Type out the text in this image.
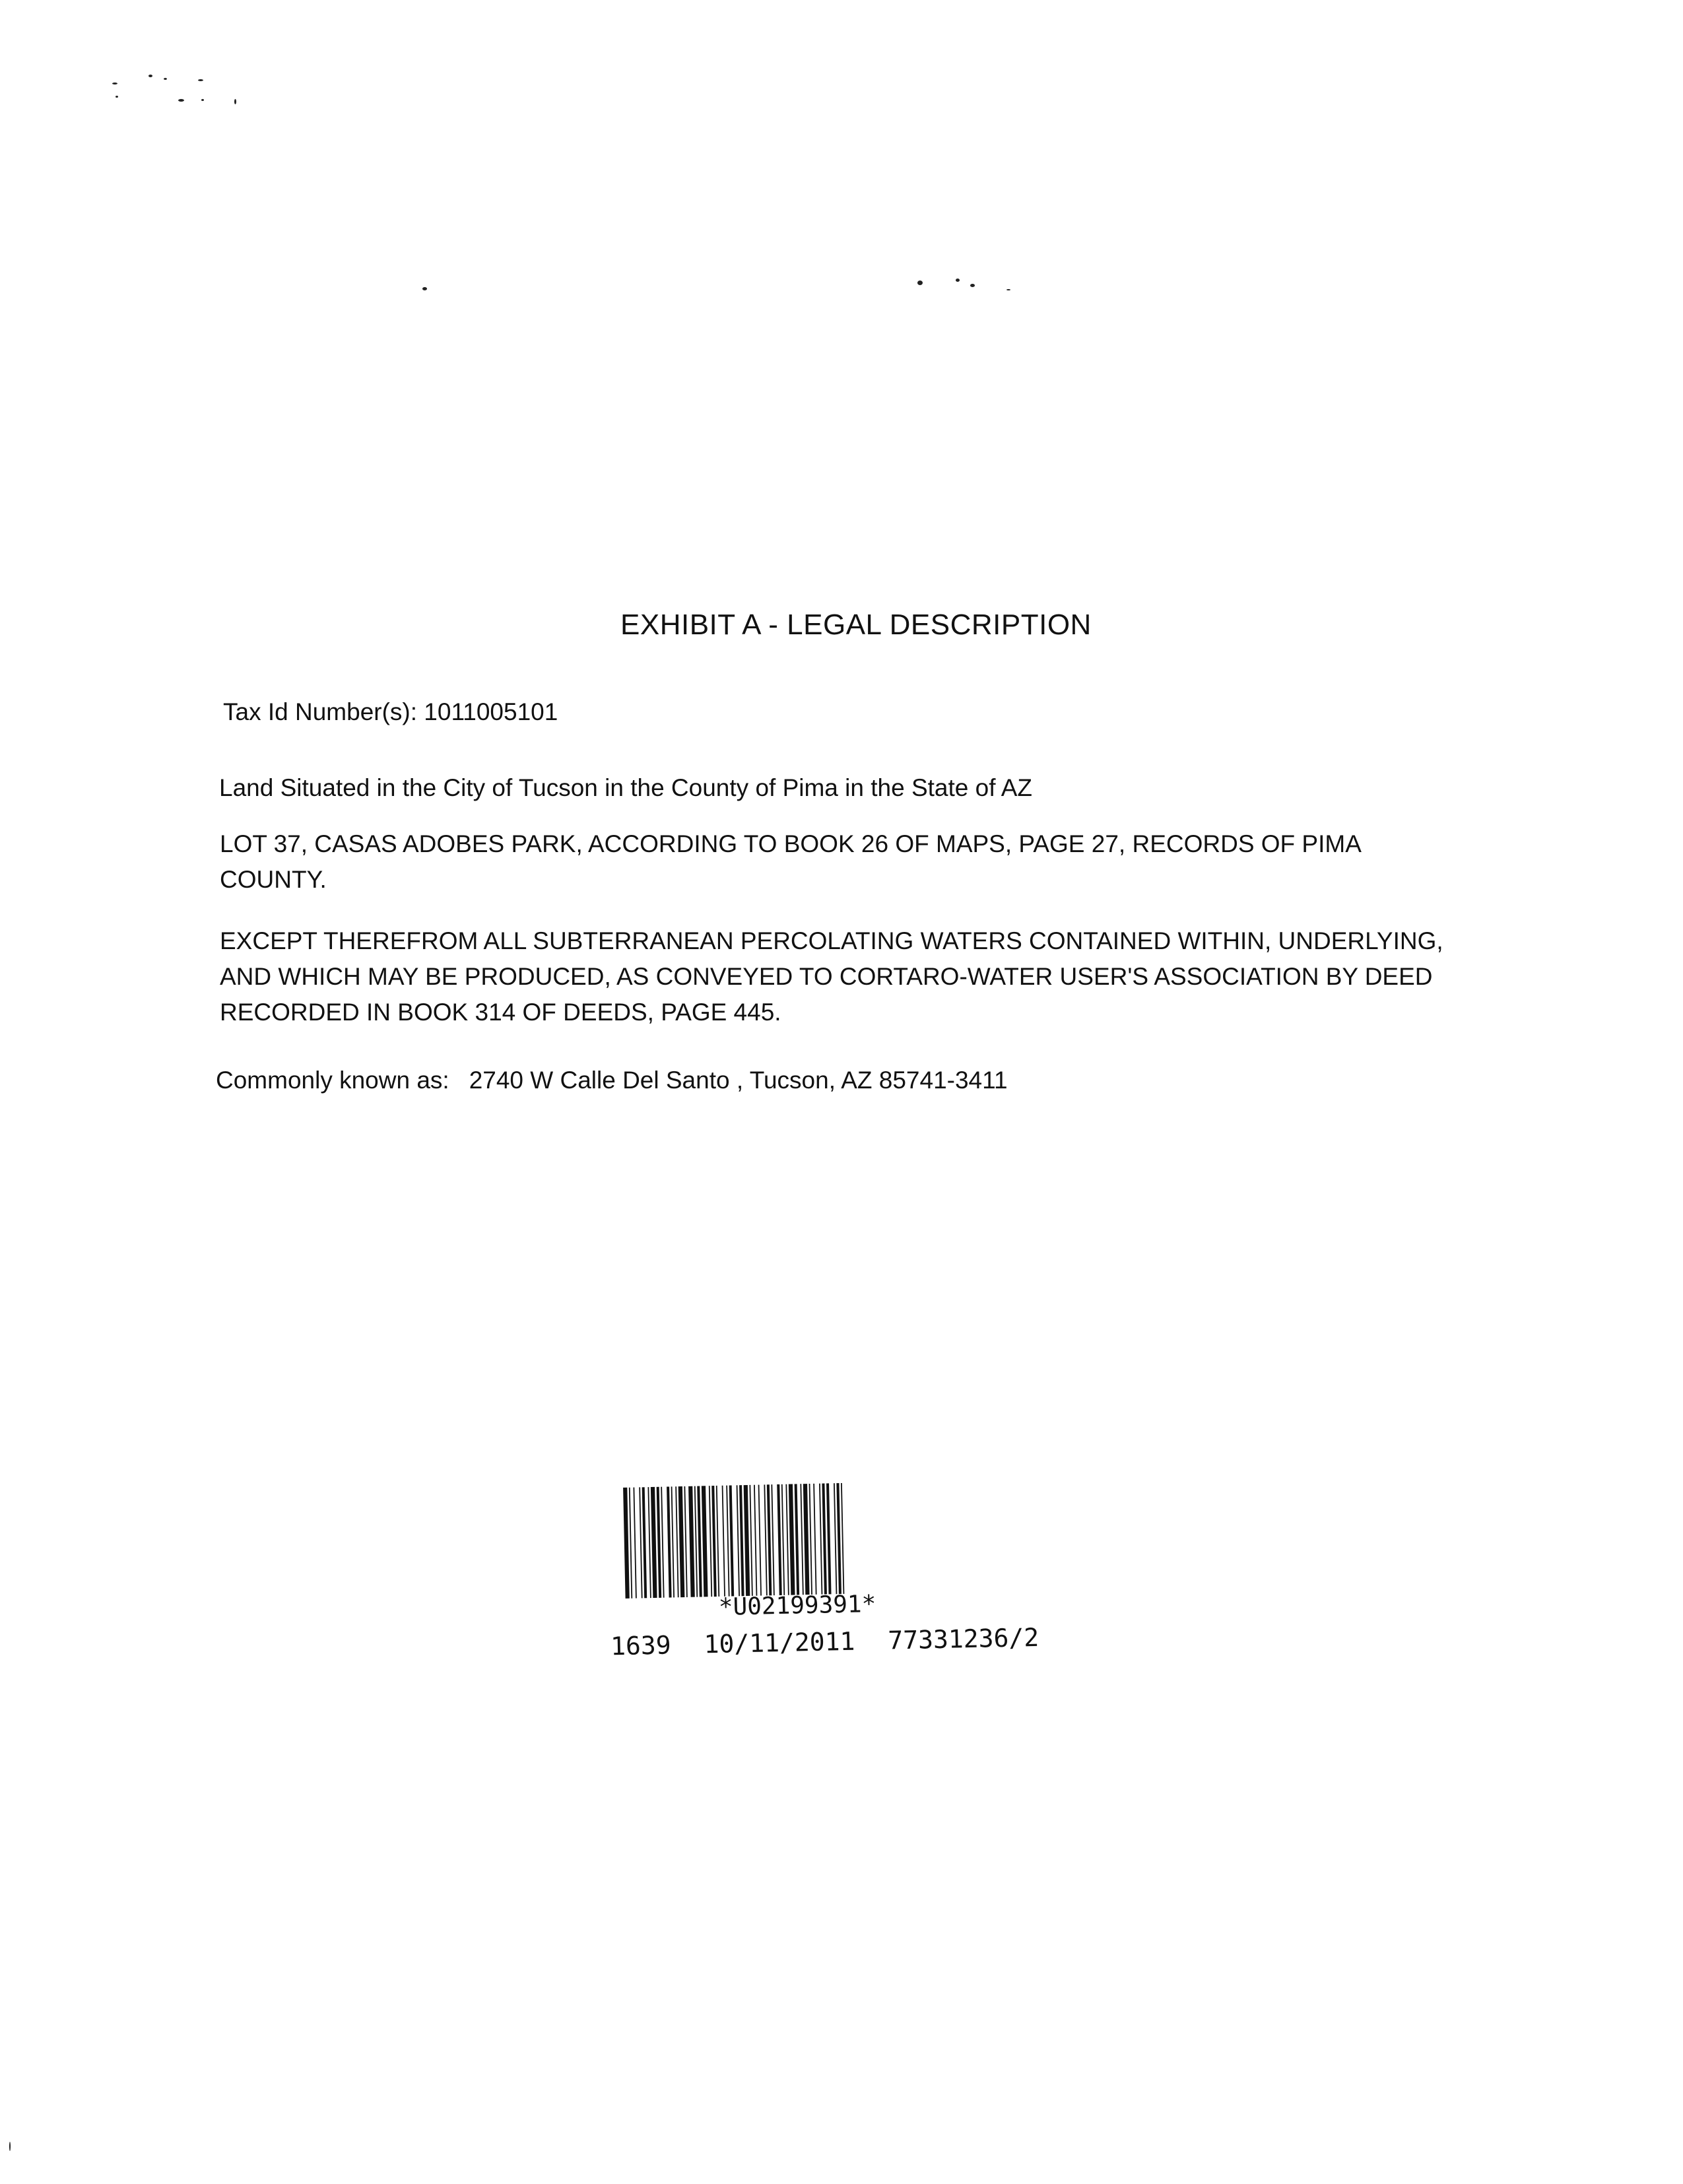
EXHIBIT A - LEGAL DESCRIPTION
Tax Id Number(s): 1011005101
Land Situated in the City of Tucson in the County of Pima in the State of AZ
LOT 37, CASAS ADOBES PARK, ACCORDING TO BOOK 26 OF MAPS, PAGE 27, RECORDS OF PIMA
COUNTY.
EXCEPT THEREFROM ALL SUBTERRANEAN PERCOLATING WATERS CONTAINED WITHIN, UNDERLYING,
AND WHICH MAY BE PRODUCED, AS CONVEYED TO CORTARO-WATER USER'S ASSOCIATION BY DEED
RECORDED IN BOOK 314 OF DEEDS, PAGE 445.
Commonly known as: 2740 W Calle Del Santo , Tucson, AZ 85741-3411
*U02199391*
1639 10/11/2011 77331236/2
